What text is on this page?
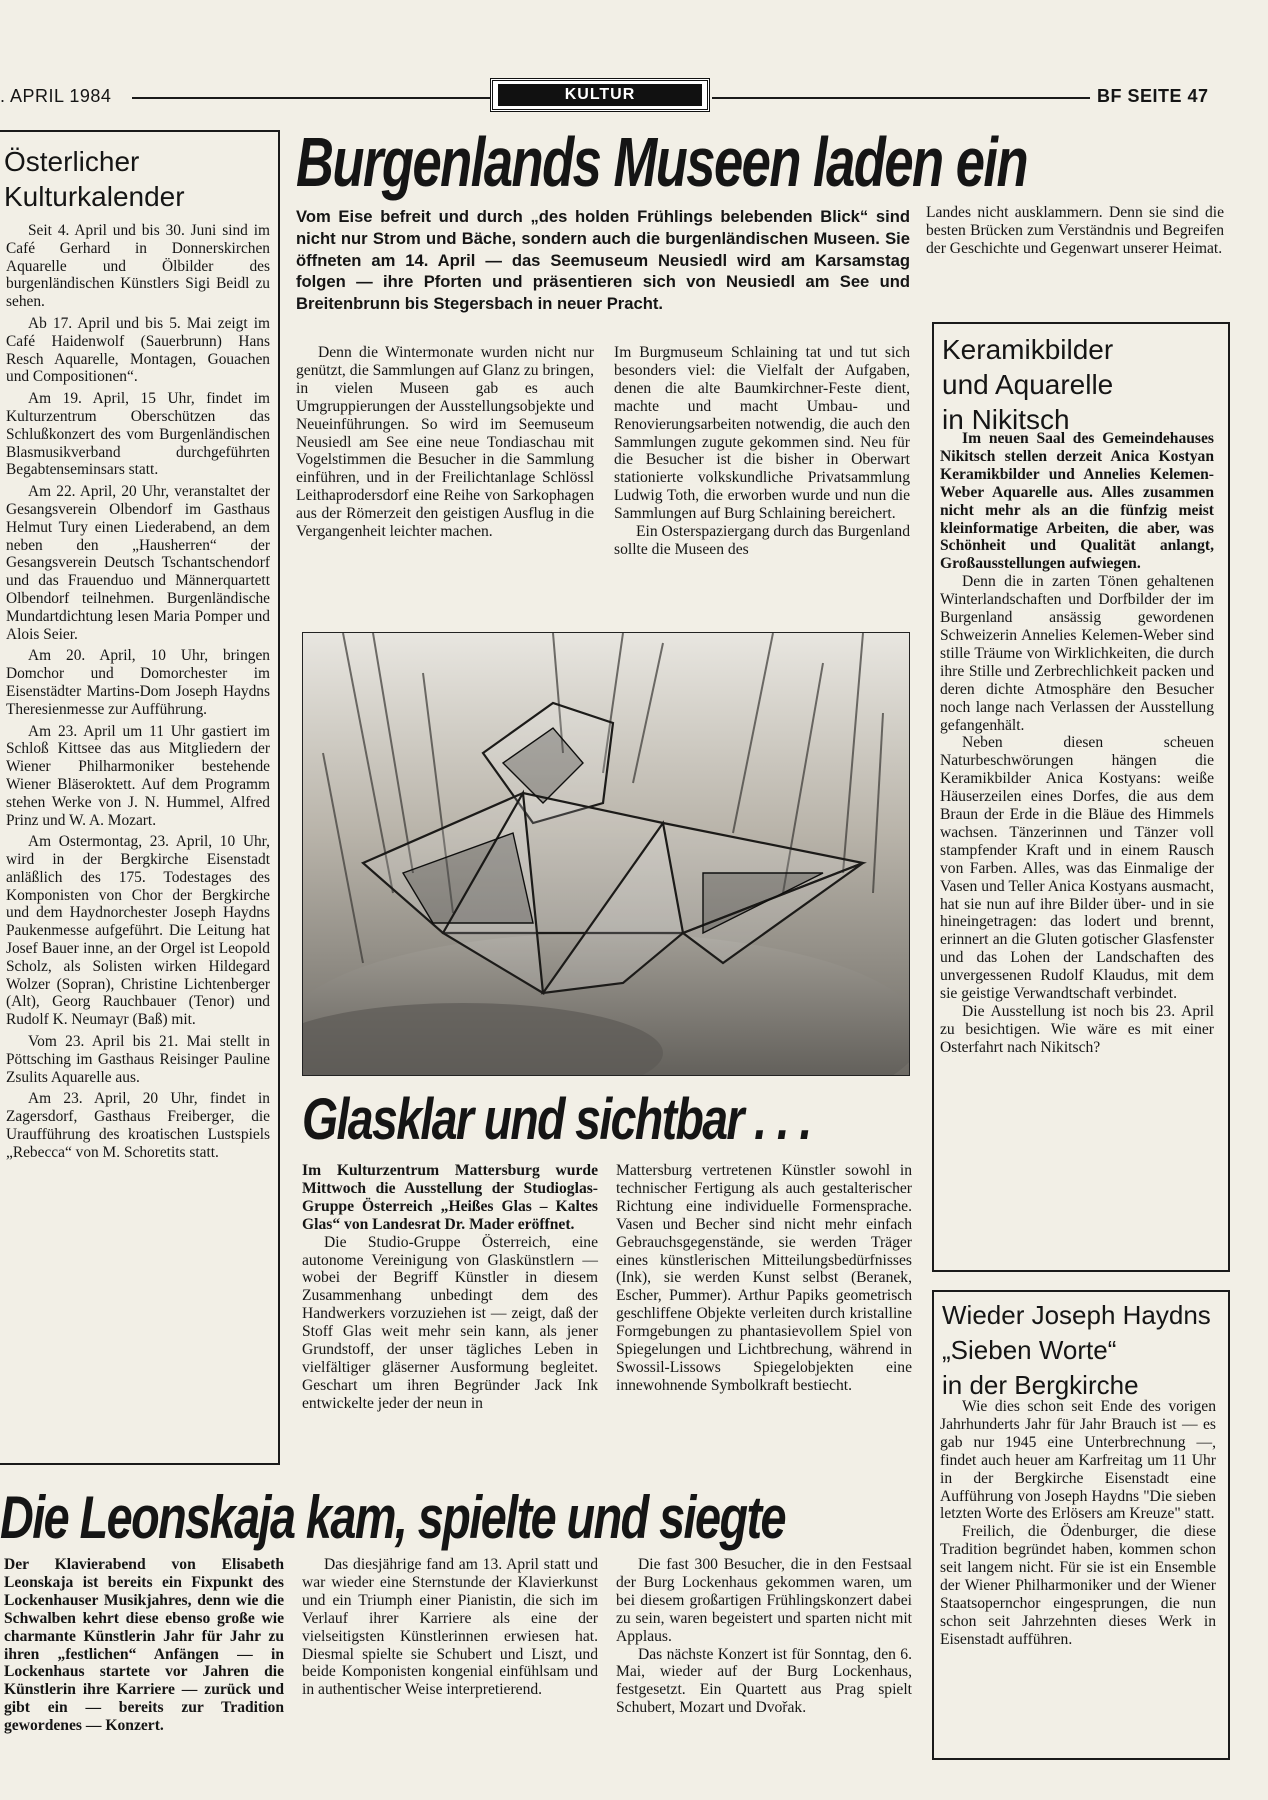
. APRIL 1984	KULTUR	BF SEITE 47
Österlicher
Kulturkalender

Seit 4. April und bis 30. Juni sind im Café Gerhard in Donnerskirchen Aquarelle und Ölbilder des burgenländischen Künstlers Sigi Beidl zu sehen.

Ab 17. April und bis 5. Mai zeigt im Café Haidenwolf (Sauerbrunn) Hans Resch Aquarelle, Montagen, Gouachen und Compositionen“.

Am 19. April, 15 Uhr, findet im Kulturzentrum Oberschützen das Schlußkonzert des vom Burgenländischen Blasmusikverband durchgeführten Begabtenseminsars statt.

Am 22. April, 20 Uhr, veranstaltet der Gesangsverein Olbendorf im Gasthaus Helmut Tury einen Liederabend, an dem neben den „Hausherren“ der Gesangsverein Deutsch Tschantschendorf und das Frauenduo und Männerquartett Olbendorf teilnehmen. Burgenländische Mundartdichtung lesen Maria Pomper und Alois Seier.

Am 20. April, 10 Uhr, bringen Domchor und Domorchester im Eisenstädter Martins-Dom Joseph Haydns Theresienmesse zur Aufführung.

Am 23. April um 11 Uhr gastiert im Schloß Kittsee das aus Mitgliedern der Wiener Philharmoniker bestehende Wiener Bläseroktett. Auf dem Programm stehen Werke von J. N. Hummel, Alfred Prinz und W. A. Mozart.

Am Ostermontag, 23. April, 10 Uhr, wird in der Bergkirche Eisenstadt anläßlich des 175. Todestages des Komponisten von Chor der Bergkirche und dem Haydnorchester Joseph Haydns Paukenmesse aufgeführt. Die Leitung hat Josef Bauer inne, an der Orgel ist Leopold Scholz, als Solisten wirken Hildegard Wolzer (Sopran), Christine Lichtenberger (Alt), Georg Rauchbauer (Tenor) und Rudolf K. Neumayr (Baß) mit.

Vom 23. April bis 21. Mai stellt in Pöttsching im Gasthaus Reisinger Pauline Zsulits Aquarelle aus.

Am 23. April, 20 Uhr, findet in Zagersdorf, Gasthaus Freiberger, die Uraufführung des kroatischen Lustspiels „Rebecca“ von M. Schoretits statt.

Burgenlands Museen laden ein
Vom Eise befreit und durch „des holden Frühlings belebenden Blick“ sind nicht nur Strom und Bäche, sondern auch die burgenländischen Museen. Sie öffneten am 14. April — das Seemuseum Neusiedl wird am Karsamstag folgen — ihre Pforten und präsentieren sich von Neusiedl am See und Breitenbrunn bis Stegersbach in neuer Pracht.

Denn die Wintermonate wurden nicht nur genützt, die Sammlungen auf Glanz zu bringen, in vielen Museen gab es auch Umgruppierungen der Ausstellungsobjekte und Neueinführungen. So wird im Seemuseum Neusiedl am See eine neue Tondiaschau mit Vogelstimmen die Besucher in die Sammlung einführen, und in der Freilichtanlage Schlössl Leithaprodersdorf eine Reihe von Sarkophagen aus der Römerzeit den geistigen Ausflug in die Vergangenheit leichter machen.

Im Burgmuseum Schlaining tat und tut sich besonders viel: die Vielfalt der Aufgaben, denen die alte Baumkirchner-Feste dient, machte und macht Umbau- und Renovierungsarbeiten notwendig, die auch den Sammlungen zugute gekommen sind. Neu für die Besucher ist die bisher in Oberwart stationierte volkskundliche Privatsammlung Ludwig Toth, die erworben wurde und nun die Sammlungen auf Burg Schlaining bereichert.

Ein Osterspaziergang durch das Burgenland sollte die Museen des

Landes nicht ausklammern. Denn sie sind die besten Brücken zum Verständnis und Begreifen der Geschichte und Gegenwart unserer Heimat.

Glasklar und sichtbar . . .

Im Kulturzentrum Mattersburg wurde Mittwoch die Ausstellung der Studioglas-Gruppe Österreich „Heißes Glas – Kaltes Glas“ von Landesrat Dr. Mader eröffnet.

Die Studio-Gruppe Österreich, eine autonome Vereinigung von Glaskünstlern — wobei der Begriff Künstler in diesem Zusammenhang unbedingt dem des Handwerkers vorzuziehen ist — zeigt, daß der Stoff Glas weit mehr sein kann, als jener Grundstoff, der unser tägliches Leben in vielfältiger gläserner Ausformung begleitet. Geschart um ihren Begründer Jack Ink entwickelte jeder der neun in

Mattersburg vertretenen Künstler sowohl in technischer Fertigung als auch gestalterischer Richtung eine individuelle Formensprache. Vasen und Becher sind nicht mehr einfach Gebrauchsgegenstände, sie werden Träger eines künstlerischen Mitteilungsbedürfnisses (Ink), sie werden Kunst selbst (Beranek, Escher, Pummer). Arthur Papiks geometrisch geschliffene Objekte verleiten durch kristalline Formgebungen zu phantasievollem Spiel von Spiegelungen und Lichtbrechung, während in Swossil-Lissows Spiegelobjekten eine innewohnende Symbolkraft bestiecht.

Keramikbilder
und Aquarelle
in Nikitsch

Im neuen Saal des Gemeindehauses Nikitsch stellen derzeit Anica Kostyan Keramikbilder und Annelies Kelemen-Weber Aquarelle aus. Alles zusammen nicht mehr als an die fünfzig meist kleinformatige Arbeiten, die aber, was Schönheit und Qualität anlangt, Großausstellungen aufwiegen.

Denn die in zarten Tönen gehaltenen Winterlandschaften und Dorfbilder der im Burgenland ansässig gewordenen Schweizerin Annelies Kelemen-Weber sind stille Träume von Wirklichkeiten, die durch ihre Stille und Zerbrechlichkeit packen und deren dichte Atmosphäre den Besucher noch lange nach Verlassen der Ausstellung gefangenhält.

Neben diesen scheuen Naturbeschwörungen hängen die Keramikbilder Anica Kostyans: weiße Häuserzeilen eines Dorfes, die aus dem Braun der Erde in die Bläue des Himmels wachsen. Tänzerinnen und Tänzer voll stampfender Kraft und in einem Rausch von Farben. Alles, was das Einmalige der Vasen und Teller Anica Kostyans ausmacht, hat sie nun auf ihre Bilder über- und in sie hineingetragen: das lodert und brennt, erinnert an die Gluten gotischer Glasfenster und das Lohen der Landschaften des unvergessenen Rudolf Klaudus, mit dem sie geistige Verwandtschaft verbindet.

Die Ausstellung ist noch bis 23. April zu besichtigen. Wie wäre es mit einer Osterfahrt nach Nikitsch?

Wieder Joseph Haydns
„Sieben Worte“
in der Bergkirche

Wie dies schon seit Ende des vorigen Jahrhunderts Jahr für Jahr Brauch ist — es gab nur 1945 eine Unterbrechnung —, findet auch heuer am Karfreitag um 11 Uhr in der Bergkirche Eisenstadt eine Aufführung von Joseph Haydns "Die sieben letzten Worte des Erlösers am Kreuze" statt.

Freilich, die Ödenburger, die diese Tradition begründet haben, kommen schon seit langem nicht. Für sie ist ein Ensemble der Wiener Philharmoniker und der Wiener Staatsopernchor eingesprungen, die nun schon seit Jahrzehnten dieses Werk in Eisenstadt aufführen.

Die Leonskaja kam, spielte und siegte

Der Klavierabend von Elisabeth Leonskaja ist bereits ein Fixpunkt des Lockenhauser Musikjahres, denn wie die Schwalben kehrt diese ebenso große wie charmante Künstlerin Jahr für Jahr zu ihren „festlichen“ Anfängen — in Lockenhaus startete vor Jahren die Künstlerin ihre Karriere — zurück und gibt ein — bereits zur Tradition gewordenes — Konzert.

Das diesjährige fand am 13. April statt und war wieder eine Sternstunde der Klavierkunst und ein Triumph einer Pianistin, die sich im Verlauf ihrer Karriere als eine der vielseitigsten Künstlerinnen erwiesen hat. Diesmal spielte sie Schubert und Liszt, und beide Komponisten kongenial einfühlsam und in authentischer Weise interpretierend.

Die fast 300 Besucher, die in den Festsaal der Burg Lockenhaus gekommen waren, um bei diesem großartigen Frühlingskonzert dabei zu sein, waren begeistert und sparten nicht mit Applaus.

Das nächste Konzert ist für Sonntag, den 6. Mai, wieder auf der Burg Lockenhaus, festgesetzt. Ein Quartett aus Prag spielt Schubert, Mozart und Dvořak.
